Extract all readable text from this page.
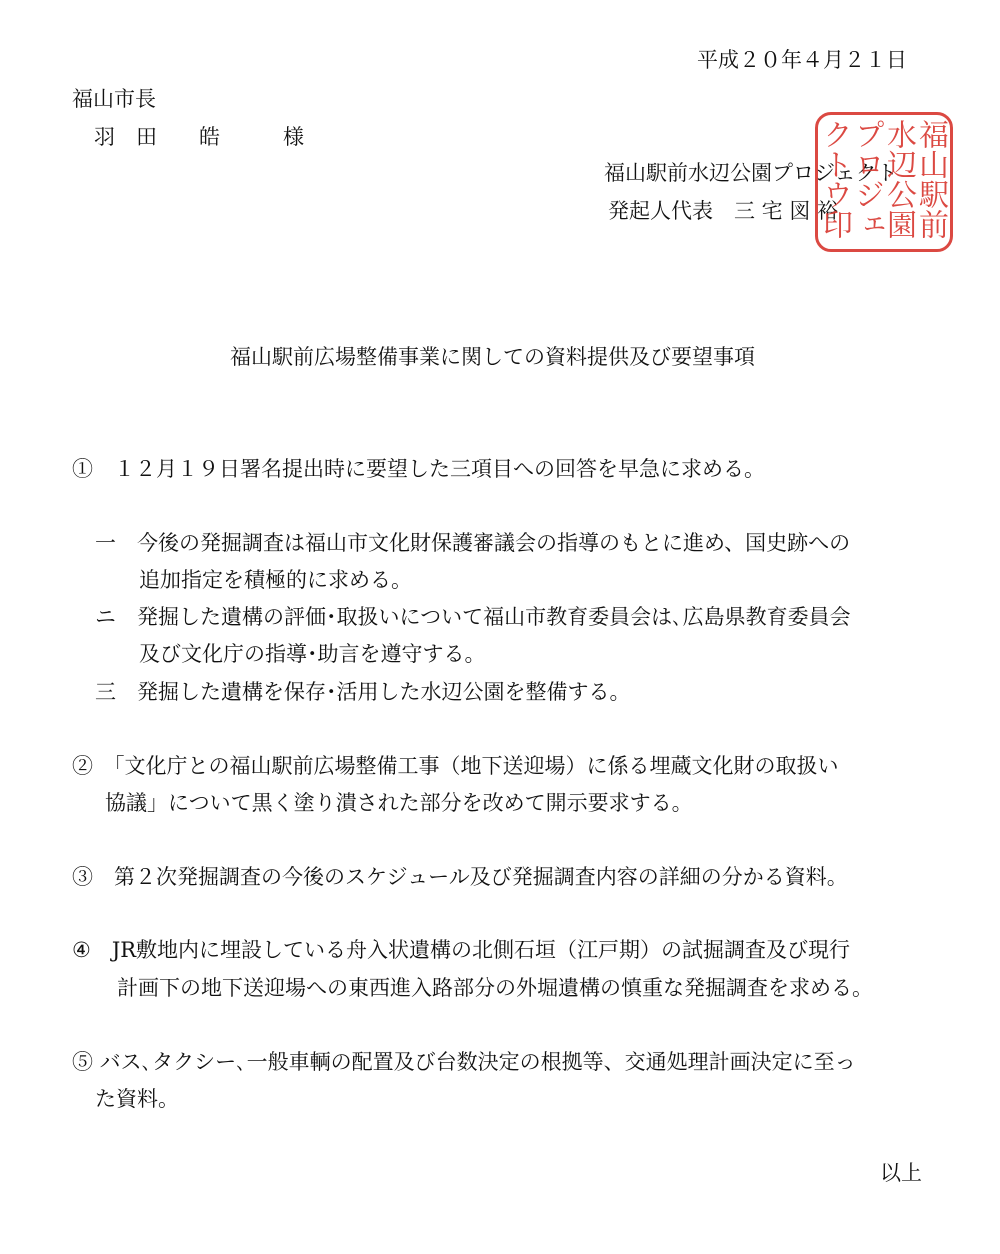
平成２０年４月２１日
福山市長
羽　田　　皓　　　様
福山駅前水辺公園プロジェクト
発起人代表　三 宅 図 裕 福山駅前
水辺公園
プロジェ
クトウ印
福山駅前広場整備事業に関しての資料提供及び要望事項
①　１２月１９日署名提出時に要望した三項目への回答を早急に求める。
一　今後の発掘調査は福山市文化財保護審議会の指導のもとに進め、国史跡への
追加指定を積極的に求める。
ニ　発掘した遺構の評価･取扱いについて福山市教育委員会は､広島県教育委員会
及び文化庁の指導･助言を遵守する。
三　発掘した遺構を保存･活用した水辺公園を整備する。
②　「文化庁との福山駅前広場整備工事（地下送迎場）に係る埋蔵文化財の取扱い
協議」について黒く塗り潰された部分を改めて開示要求する。
③　第２次発掘調査の今後のスケジュール及び発掘調査内容の詳細の分かる資料。
④　JR敷地内に埋設している舟入状遺構の北側石垣（江戸期）の試掘調査及び現行
計画下の地下送迎場への東西進入路部分の外堀遺構の慎重な発掘調査を求める。
⑤ バス､タクシー､一般車輌の配置及び台数決定の根拠等、交通処理計画決定に至っ
た資料。
以上
